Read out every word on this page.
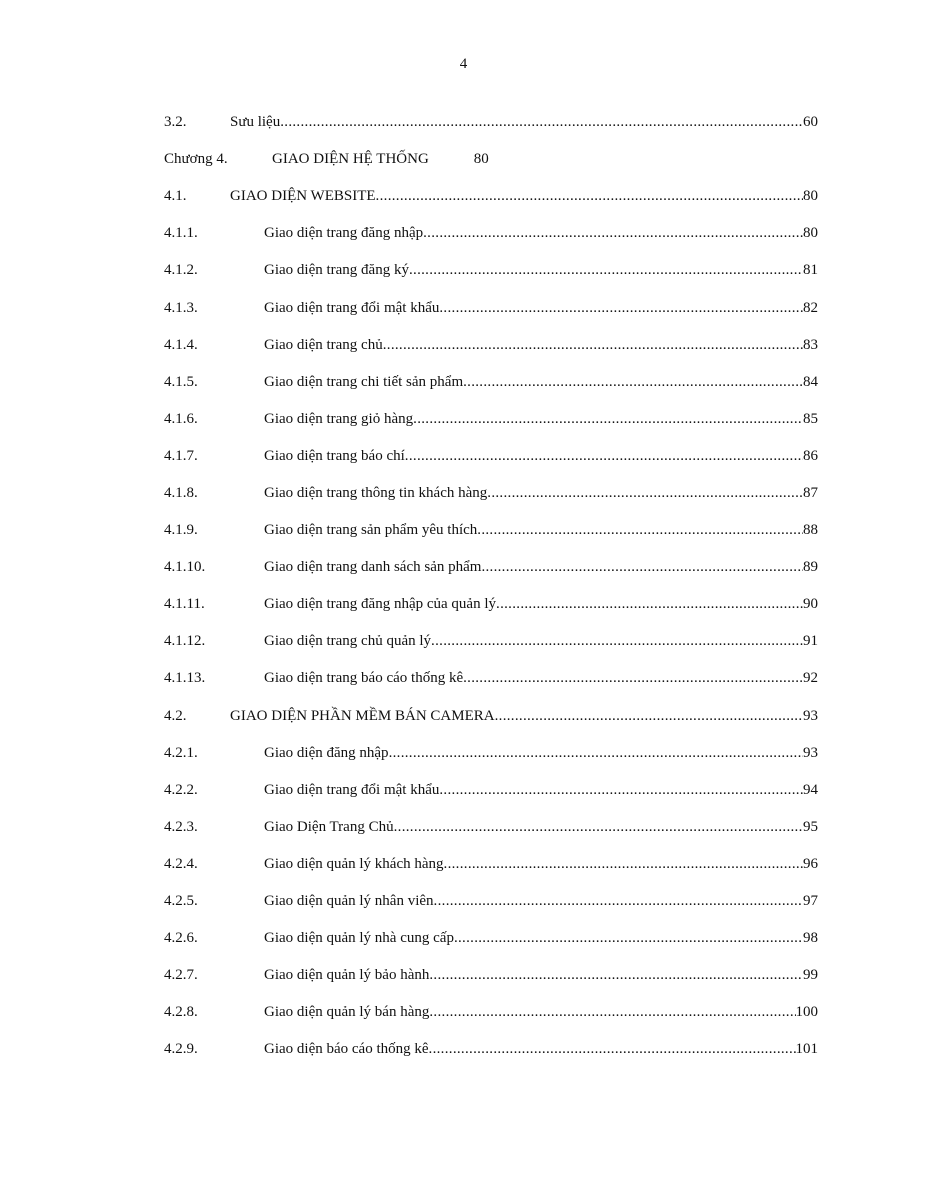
4
3.2.	Sưu liệu .....	60
Chương 4.	GIAO DIỆN HỆ THỐNG	80
4.1.	GIAO DIỆN WEBSITE .....	80
4.1.1.	Giao diện trang đăng nhập .....	80
4.1.2.	Giao diện trang đăng ký .....	81
4.1.3.	Giao diện trang đổi mật khẩu .....	82
4.1.4.	Giao diện trang chủ .....	83
4.1.5.	Giao diện trang chi tiết sản phẩm .....	84
4.1.6.	Giao diện trang giỏ hàng .....	85
4.1.7.	Giao diện trang báo chí .....	86
4.1.8.	Giao diện trang thông tin khách hàng .....	87
4.1.9.	Giao diện trang sản phẩm yêu thích .....	88
4.1.10.	Giao diện trang danh sách sản phẩm .....	89
4.1.11.	Giao diện trang đăng nhập của quản lý .....	90
4.1.12.	Giao diện trang chủ quản lý .....	91
4.1.13.	Giao diện trang báo cáo thống kê .....	92
4.2.	GIAO DIỆN PHẦN MỀM BÁN CAMERA .....	93
4.2.1.	Giao diện đăng nhập .....	93
4.2.2.	Giao diện trang đổi mật khẩu .....	94
4.2.3.	Giao Diện Trang Chủ .....	95
4.2.4.	Giao diện quản lý khách hàng .....	96
4.2.5.	Giao diện quản lý nhân viên .....	97
4.2.6.	Giao diện quản lý nhà cung cấp .....	98
4.2.7.	Giao diện quản lý bảo hành .....	99
4.2.8.	Giao diện quản lý bán hàng .....	100
4.2.9.	Giao diện báo cáo thống kê .....	101
